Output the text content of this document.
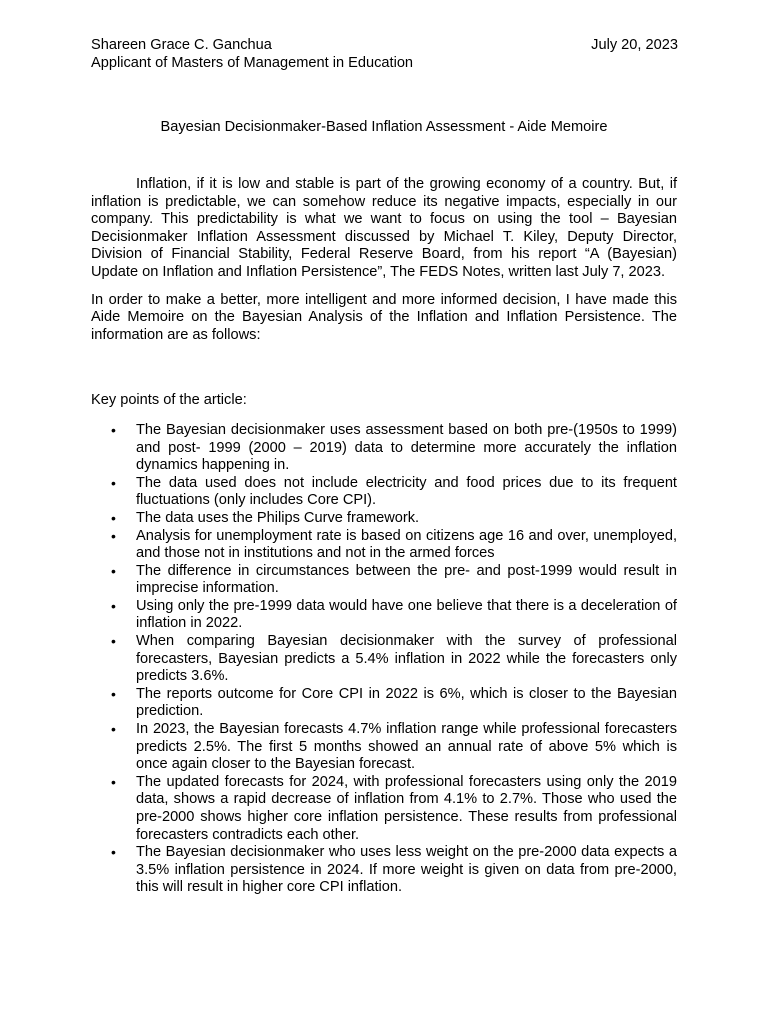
Shareen Grace C. Ganchua
Applicant of Masters of Management in Education
July 20, 2023
Bayesian Decisionmaker-Based Inflation Assessment - Aide Memoire

Inflation, if it is low and stable is part of the growing economy of a country. But, if inflation is predictable, we can somehow reduce its negative impacts, especially in our company. This predictability is what we want to focus on using the tool – Bayesian Decisionmaker Inflation Assessment discussed by Michael T. Kiley, Deputy Director, Division of Financial Stability, Federal Reserve Board, from his report “A (Bayesian) Update on Inflation and Inflation Persistence”, The FEDS Notes, written last July 7, 2023.

In order to make a better, more intelligent and more informed decision, I have made this Aide Memoire on the Bayesian Analysis of the Inflation and Inflation Persistence. The information are as follows:

Key points of the article:
• The Bayesian decisionmaker uses assessment based on both pre-(1950s to 1999) and post- 1999 (2000 – 2019) data to determine more accurately the inflation dynamics happening in.
• The data used does not include electricity and food prices due to its frequent fluctuations (only includes Core CPI).
• The data uses the Philips Curve framework.
• Analysis for unemployment rate is based on citizens age 16 and over, unemployed, and those not in institutions and not in the armed forces
• The difference in circumstances between the pre- and post-1999 would result in imprecise information.
• Using only the pre-1999 data would have one believe that there is a deceleration of inflation in 2022.
• When comparing Bayesian decisionmaker with the survey of professional forecasters, Bayesian predicts a 5.4% inflation in 2022 while the forecasters only predicts 3.6%.
• The reports outcome for Core CPI in 2022 is 6%, which is closer to the Bayesian prediction.
• In 2023, the Bayesian forecasts 4.7% inflation range while professional forecasters predicts 2.5%. The first 5 months showed an annual rate of above 5% which is once again closer to the Bayesian forecast.
• The updated forecasts for 2024, with professional forecasters using only the 2019 data, shows a rapid decrease of inflation from 4.1% to 2.7%. Those who used the pre-2000 shows higher core inflation persistence. These results from professional forecasters contradicts each other.
• The Bayesian decisionmaker who uses less weight on the pre-2000 data expects a 3.5% inflation persistence in 2024. If more weight is given on data from pre-2000, this will result in higher core CPI inflation.
